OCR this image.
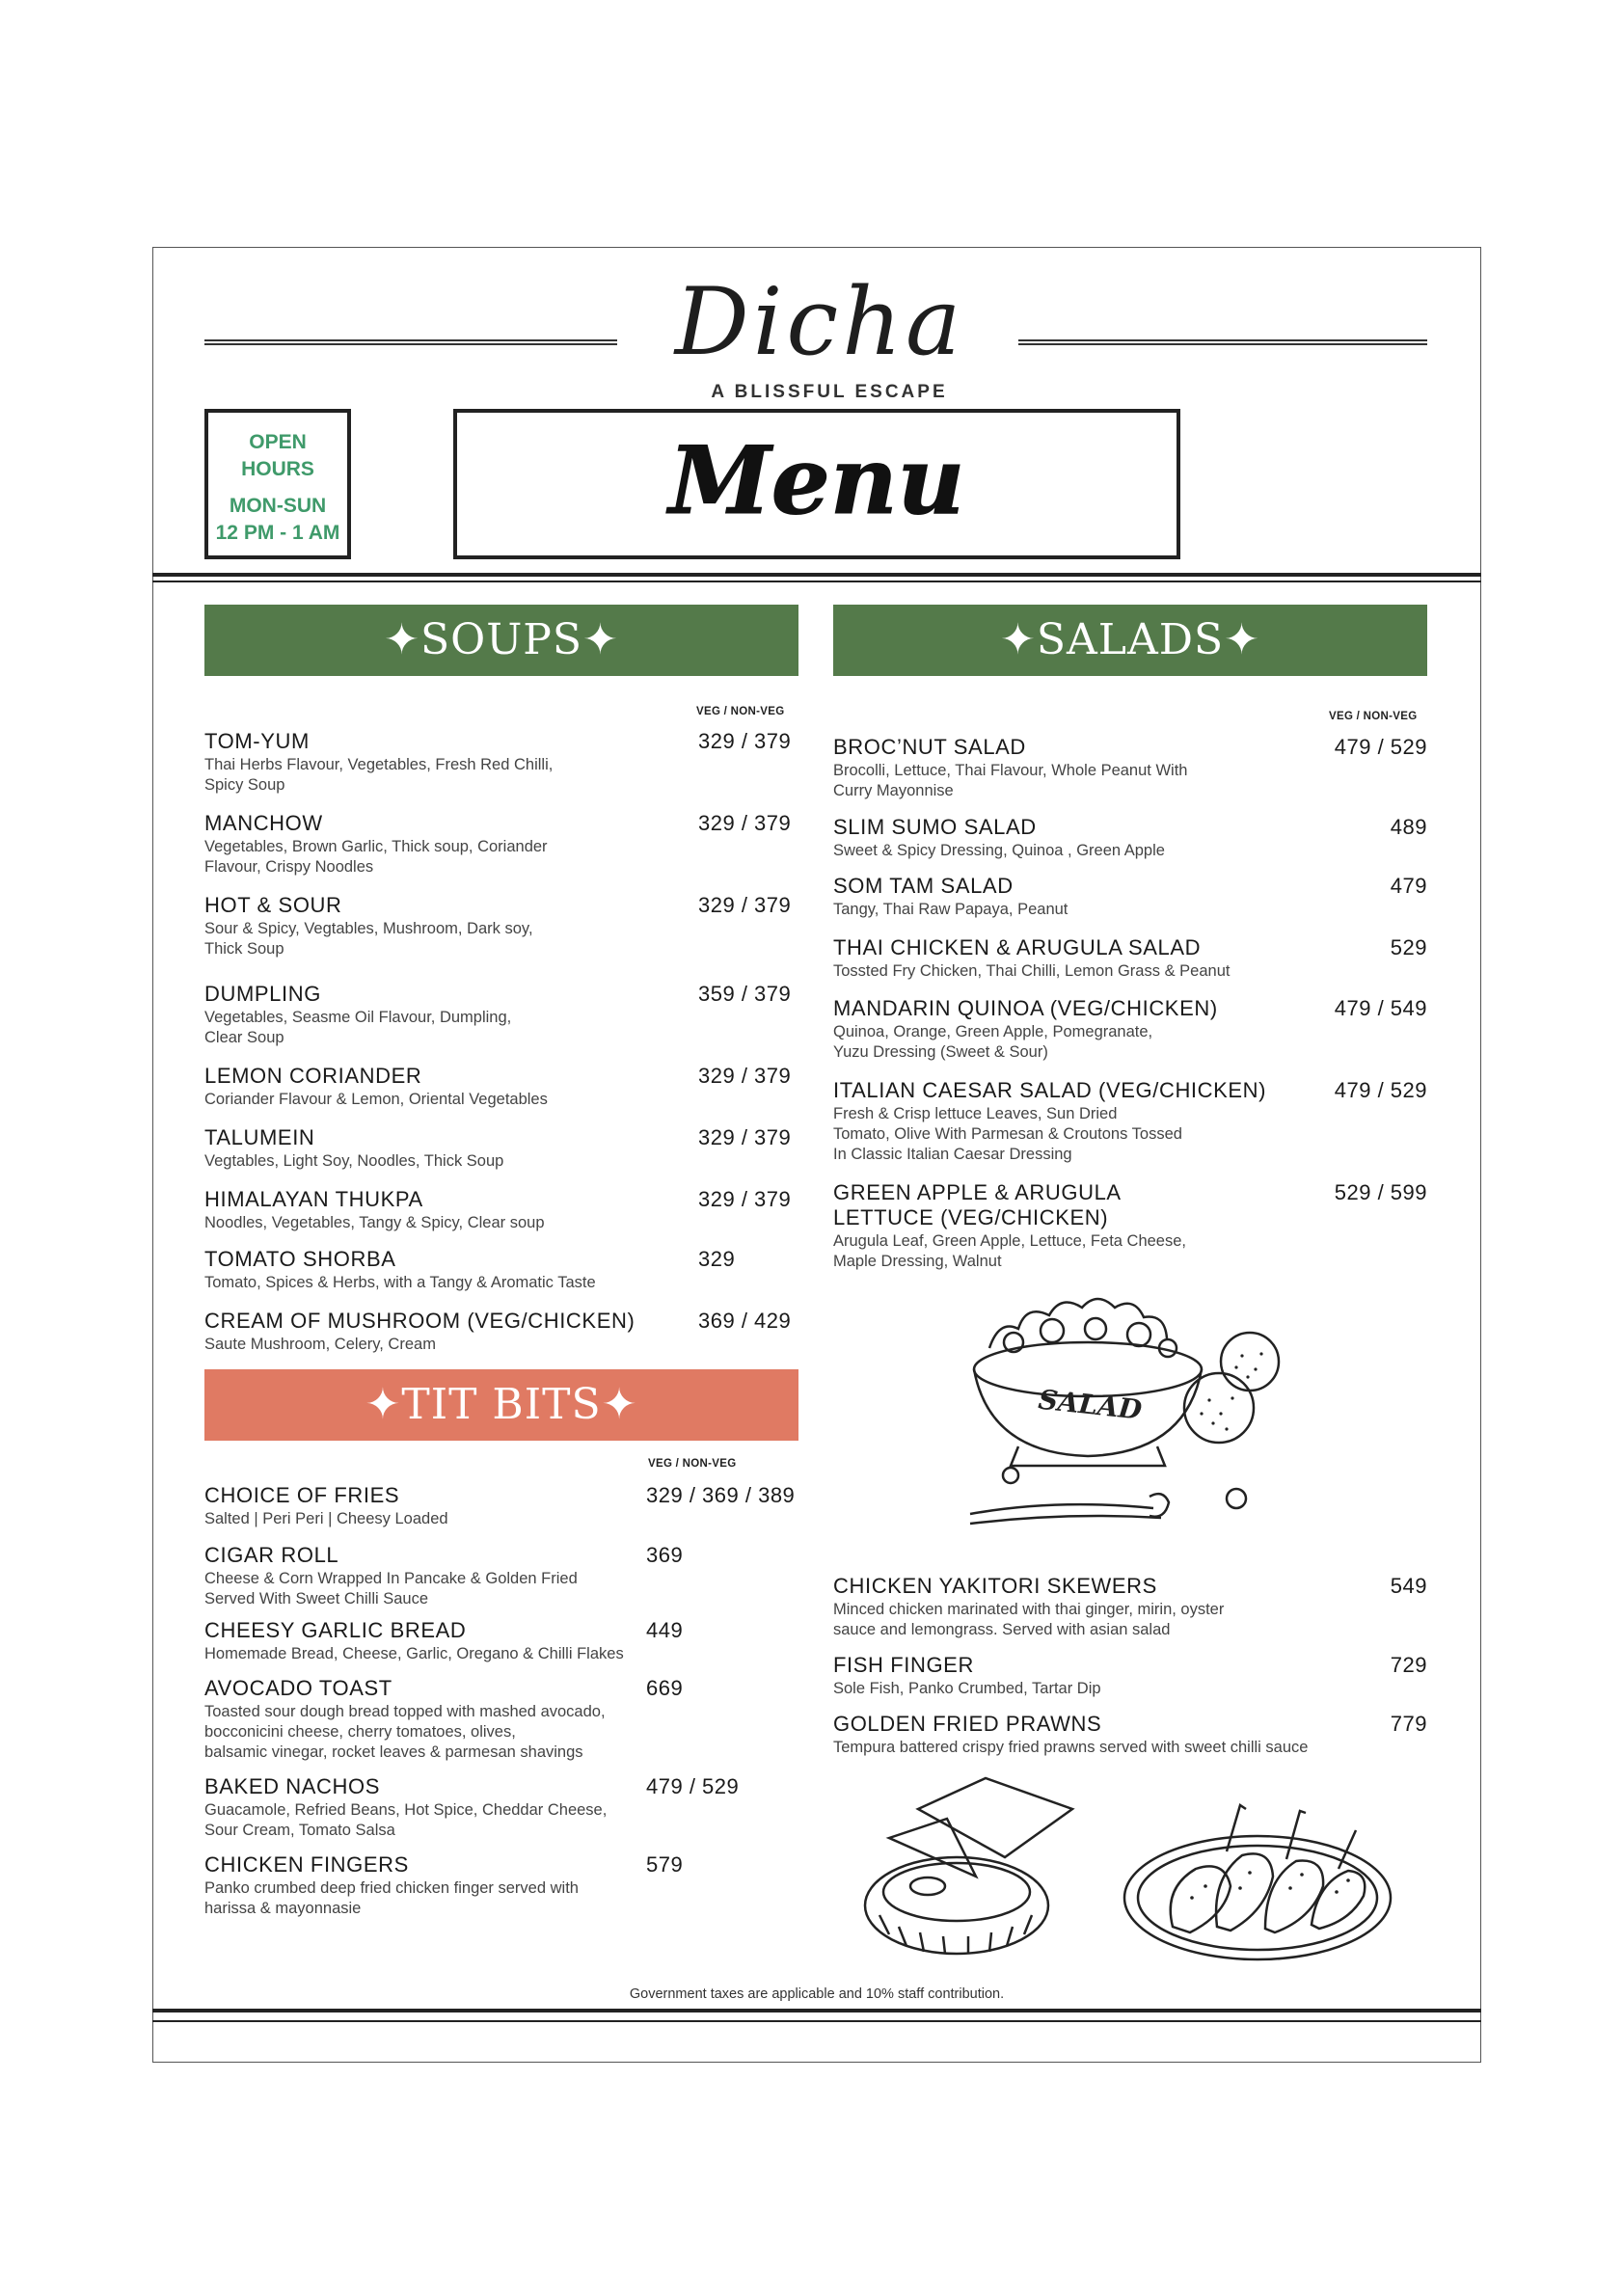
Dicha
A BLISSFUL ESCAPE
OPEN
HOURS
MON-SUN
12 PM - 1 AM	Menu
✦SOUPS✦	✦SALADS✦
✦TIT BITS✦
VEG / NON-VEG	VEG / NON-VEG
VEG / NON-VEG
TOM-YUM
Thai Herbs Flavour, Vegetables, Fresh Red Chilli,
Spicy Soup
329 / 379
MANCHOW
Vegetables, Brown Garlic, Thick soup, Coriander
Flavour, Crispy Noodles
329 / 379
HOT & SOUR
Sour & Spicy, Vegtables, Mushroom, Dark soy,
Thick Soup
329 / 379
DUMPLING
Vegetables, Seasme Oil Flavour, Dumpling,
Clear Soup
359 / 379
LEMON CORIANDER
Coriander Flavour & Lemon, Oriental Vegetables
329 / 379
TALUMEIN
Vegtables, Light Soy, Noodles, Thick Soup
329 / 379
HIMALAYAN THUKPA
Noodles, Vegetables, Tangy & Spicy, Clear soup
329 / 379
TOMATO SHORBA
Tomato, Spices & Herbs, with a Tangy & Aromatic Taste
329
CREAM OF MUSHROOM (VEG/CHICKEN)
Saute Mushroom, Celery, Cream
369 / 429
CHOICE OF FRIES
Salted | Peri Peri | Cheesy Loaded
329 / 369 / 389
CIGAR ROLL
Cheese & Corn Wrapped In Pancake & Golden Fried
Served With Sweet Chilli Sauce
369
CHEESY GARLIC BREAD
Homemade Bread, Cheese, Garlic, Oregano & Chilli Flakes
449
AVOCADO TOAST
Toasted sour dough bread topped with mashed avocado,
bocconicini cheese, cherry tomatoes, olives,
balsamic vinegar, rocket leaves & parmesan shavings
669
BAKED NACHOS
Guacamole, Refried Beans, Hot Spice, Cheddar Cheese,
Sour Cream, Tomato Salsa
479 / 529
CHICKEN FINGERS
Panko crumbed deep fried chicken finger served with
harissa & mayonnasie
579
BROC’NUT SALAD
Brocolli, Lettuce, Thai Flavour, Whole Peanut With
Curry Mayonnise
479 / 529
SLIM SUMO SALAD
Sweet & Spicy Dressing, Quinoa , Green Apple
489
SOM TAM SALAD
Tangy, Thai Raw Papaya, Peanut
479
THAI CHICKEN & ARUGULA SALAD
Tossted Fry Chicken, Thai Chilli, Lemon Grass & Peanut
529
MANDARIN QUINOA (VEG/CHICKEN)
Quinoa, Orange, Green Apple, Pomegranate,
Yuzu Dressing (Sweet & Sour)
479 / 549
ITALIAN CAESAR SALAD (VEG/CHICKEN)
Fresh & Crisp lettuce Leaves, Sun Dried
Tomato, Olive With Parmesan & Croutons Tossed
In Classic Italian Caesar Dressing
479 / 529
GREEN APPLE & ARUGULA
LETTUCE (VEG/CHICKEN)
Arugula Leaf, Green Apple, Lettuce, Feta Cheese,
Maple Dressing, Walnut
529 / 599
CHICKEN YAKITORI SKEWERS
Minced chicken marinated with thai ginger, mirin, oyster
sauce and lemongrass. Served with asian salad
549
FISH FINGER
Sole Fish, Panko Crumbed, Tartar Dip
729
GOLDEN FRIED PRAWNS
Tempura battered crispy fried prawns served with sweet chilli sauce
779
SALAD
Government taxes are applicable and 10% staff contribution.
